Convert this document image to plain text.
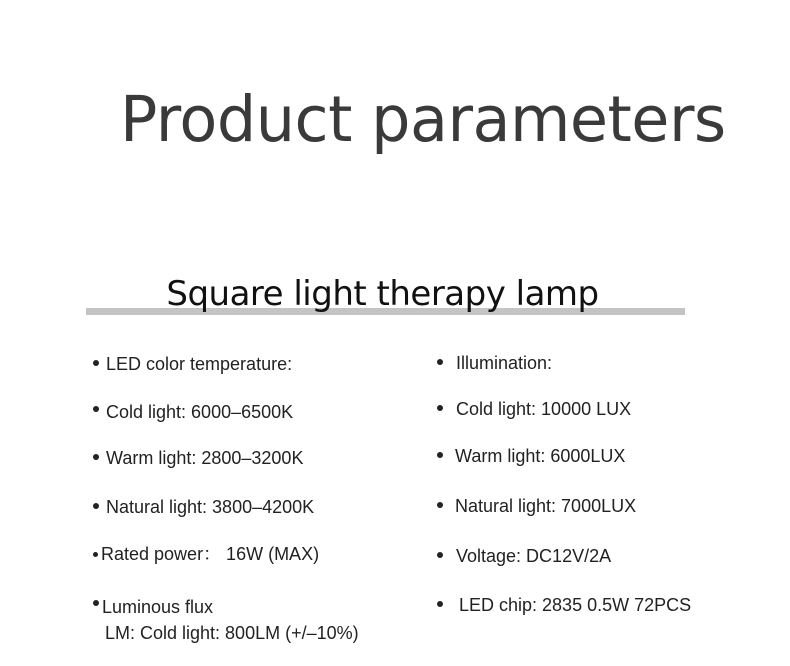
Product parameters
Square light therapy lamp
LED color temperature:
Cold light: 6000–6500K
Warm light: 2800–3200K
Natural light: 3800–4200K
Rated power： 16W (MAX)
Luminous flux
LM: Cold light: 800LM (+/–10%)
Illumination:
Cold light: 10000 LUX
Warm light: 6000LUX
Natural light: 7000LUX
Voltage: DC12V/2A
LED chip: 2835 0.5W 72PCS
